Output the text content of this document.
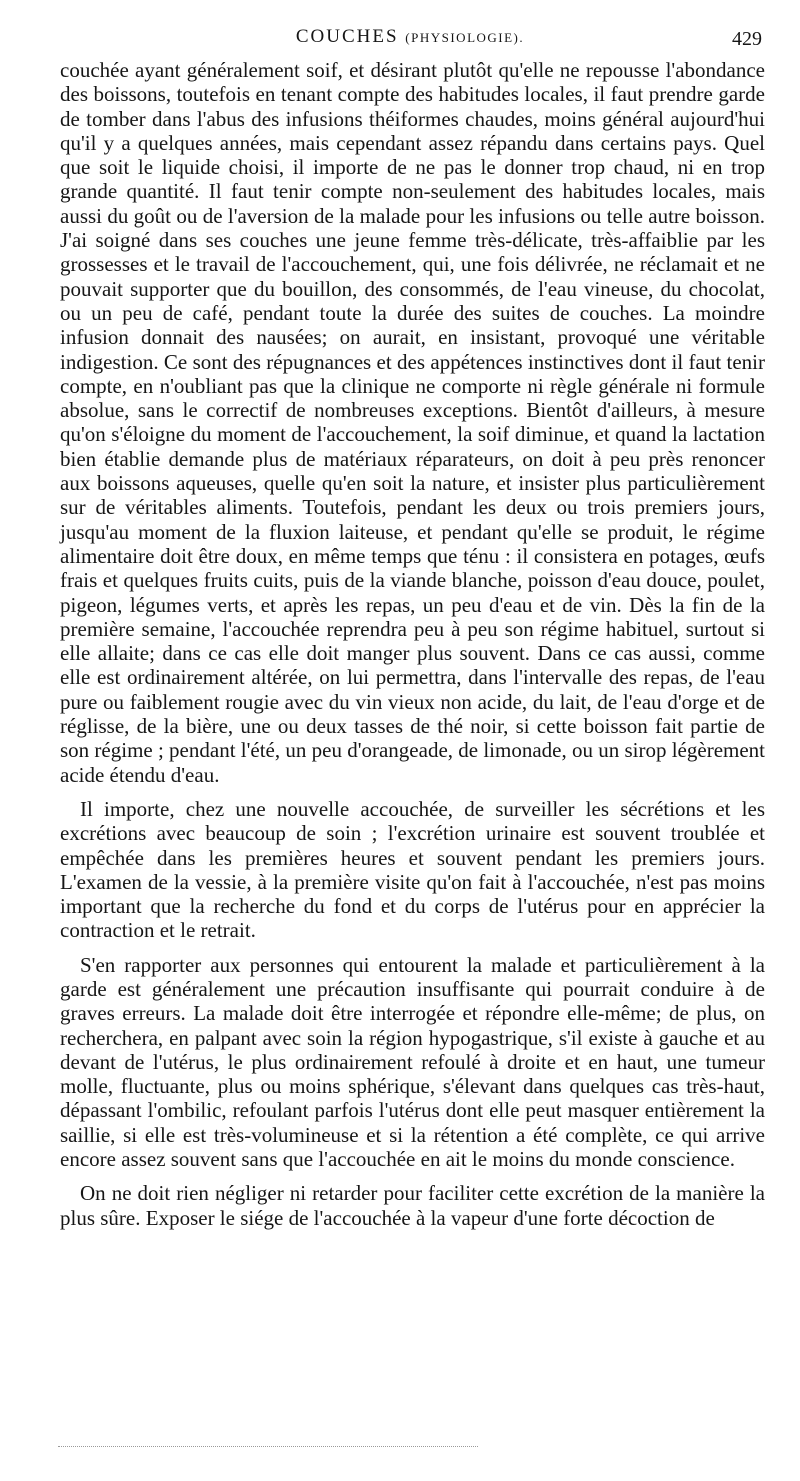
COUCHES (PHYSIOLOGIE).	429

couchée ayant généralement soif, et désirant plutôt qu'elle ne repousse l'abondance des boissons, toutefois en tenant compte des habitudes locales, il faut prendre garde de tomber dans l'abus des infusions théiformes chaudes, moins général aujourd'hui qu'il y a quelques années, mais cependant assez répandu dans certains pays. Quel que soit le liquide choisi, il importe de ne pas le donner trop chaud, ni en trop grande quantité. Il faut tenir compte non-seulement des habitudes locales, mais aussi du goût ou de l'aversion de la malade pour les infusions ou telle autre boisson. J'ai soigné dans ses couches une jeune femme très-délicate, très-affaiblie par les grossesses et le travail de l'accouchement, qui, une fois délivrée, ne réclamait et ne pouvait supporter que du bouillon, des consommés, de l'eau vineuse, du chocolat, ou un peu de café, pendant toute la durée des suites de couches. La moindre infusion donnait des nausées; on aurait, en insistant, provoqué une véritable indigestion. Ce sont des répugnances et des appétences instinctives dont il faut tenir compte, en n'oubliant pas que la clinique ne comporte ni règle générale ni formule absolue, sans le correctif de nombreuses exceptions. Bientôt d'ailleurs, à mesure qu'on s'éloigne du moment de l'accouchement, la soif diminue, et quand la lactation bien établie demande plus de matériaux réparateurs, on doit à peu près renoncer aux boissons aqueuses, quelle qu'en soit la nature, et insister plus particulièrement sur de véritables aliments. Toutefois, pendant les deux ou trois premiers jours, jusqu'au moment de la fluxion laiteuse, et pendant qu'elle se produit, le régime alimentaire doit être doux, en même temps que ténu : il consistera en potages, œufs frais et quelques fruits cuits, puis de la viande blanche, poisson d'eau douce, poulet, pigeon, légumes verts, et après les repas, un peu d'eau et de vin. Dès la fin de la première semaine, l'accouchée reprendra peu à peu son régime habituel, surtout si elle allaite; dans ce cas elle doit manger plus souvent. Dans ce cas aussi, comme elle est ordinairement altérée, on lui permettra, dans l'intervalle des repas, de l'eau pure ou faiblement rougie avec du vin vieux non acide, du lait, de l'eau d'orge et de réglisse, de la bière, une ou deux tasses de thé noir, si cette boisson fait partie de son régime ; pendant l'été, un peu d'orangeade, de limonade, ou un sirop légèrement acide étendu d'eau.

Il importe, chez une nouvelle accouchée, de surveiller les sécrétions et les excrétions avec beaucoup de soin ; l'excrétion urinaire est souvent troublée et empêchée dans les premières heures et souvent pendant les premiers jours. L'examen de la vessie, à la première visite qu'on fait à l'accouchée, n'est pas moins important que la recherche du fond et du corps de l'utérus pour en apprécier la contraction et le retrait.

S'en rapporter aux personnes qui entourent la malade et particulièrement à la garde est généralement une précaution insuffisante qui pourrait conduire à de graves erreurs. La malade doit être interrogée et répondre elle-même; de plus, on recherchera, en palpant avec soin la région hypogastrique, s'il existe à gauche et au devant de l'utérus, le plus ordinairement refoulé à droite et en haut, une tumeur molle, fluctuante, plus ou moins sphérique, s'élevant dans quelques cas très-haut, dépassant l'ombilic, refoulant parfois l'utérus dont elle peut masquer entièrement la saillie, si elle est très-volumineuse et si la rétention a été complète, ce qui arrive encore assez souvent sans que l'accouchée en ait le moins du monde conscience.

On ne doit rien négliger ni retarder pour faciliter cette excrétion de la manière la plus sûre. Exposer le siége de l'accouchée à la vapeur d'une forte décoction de
